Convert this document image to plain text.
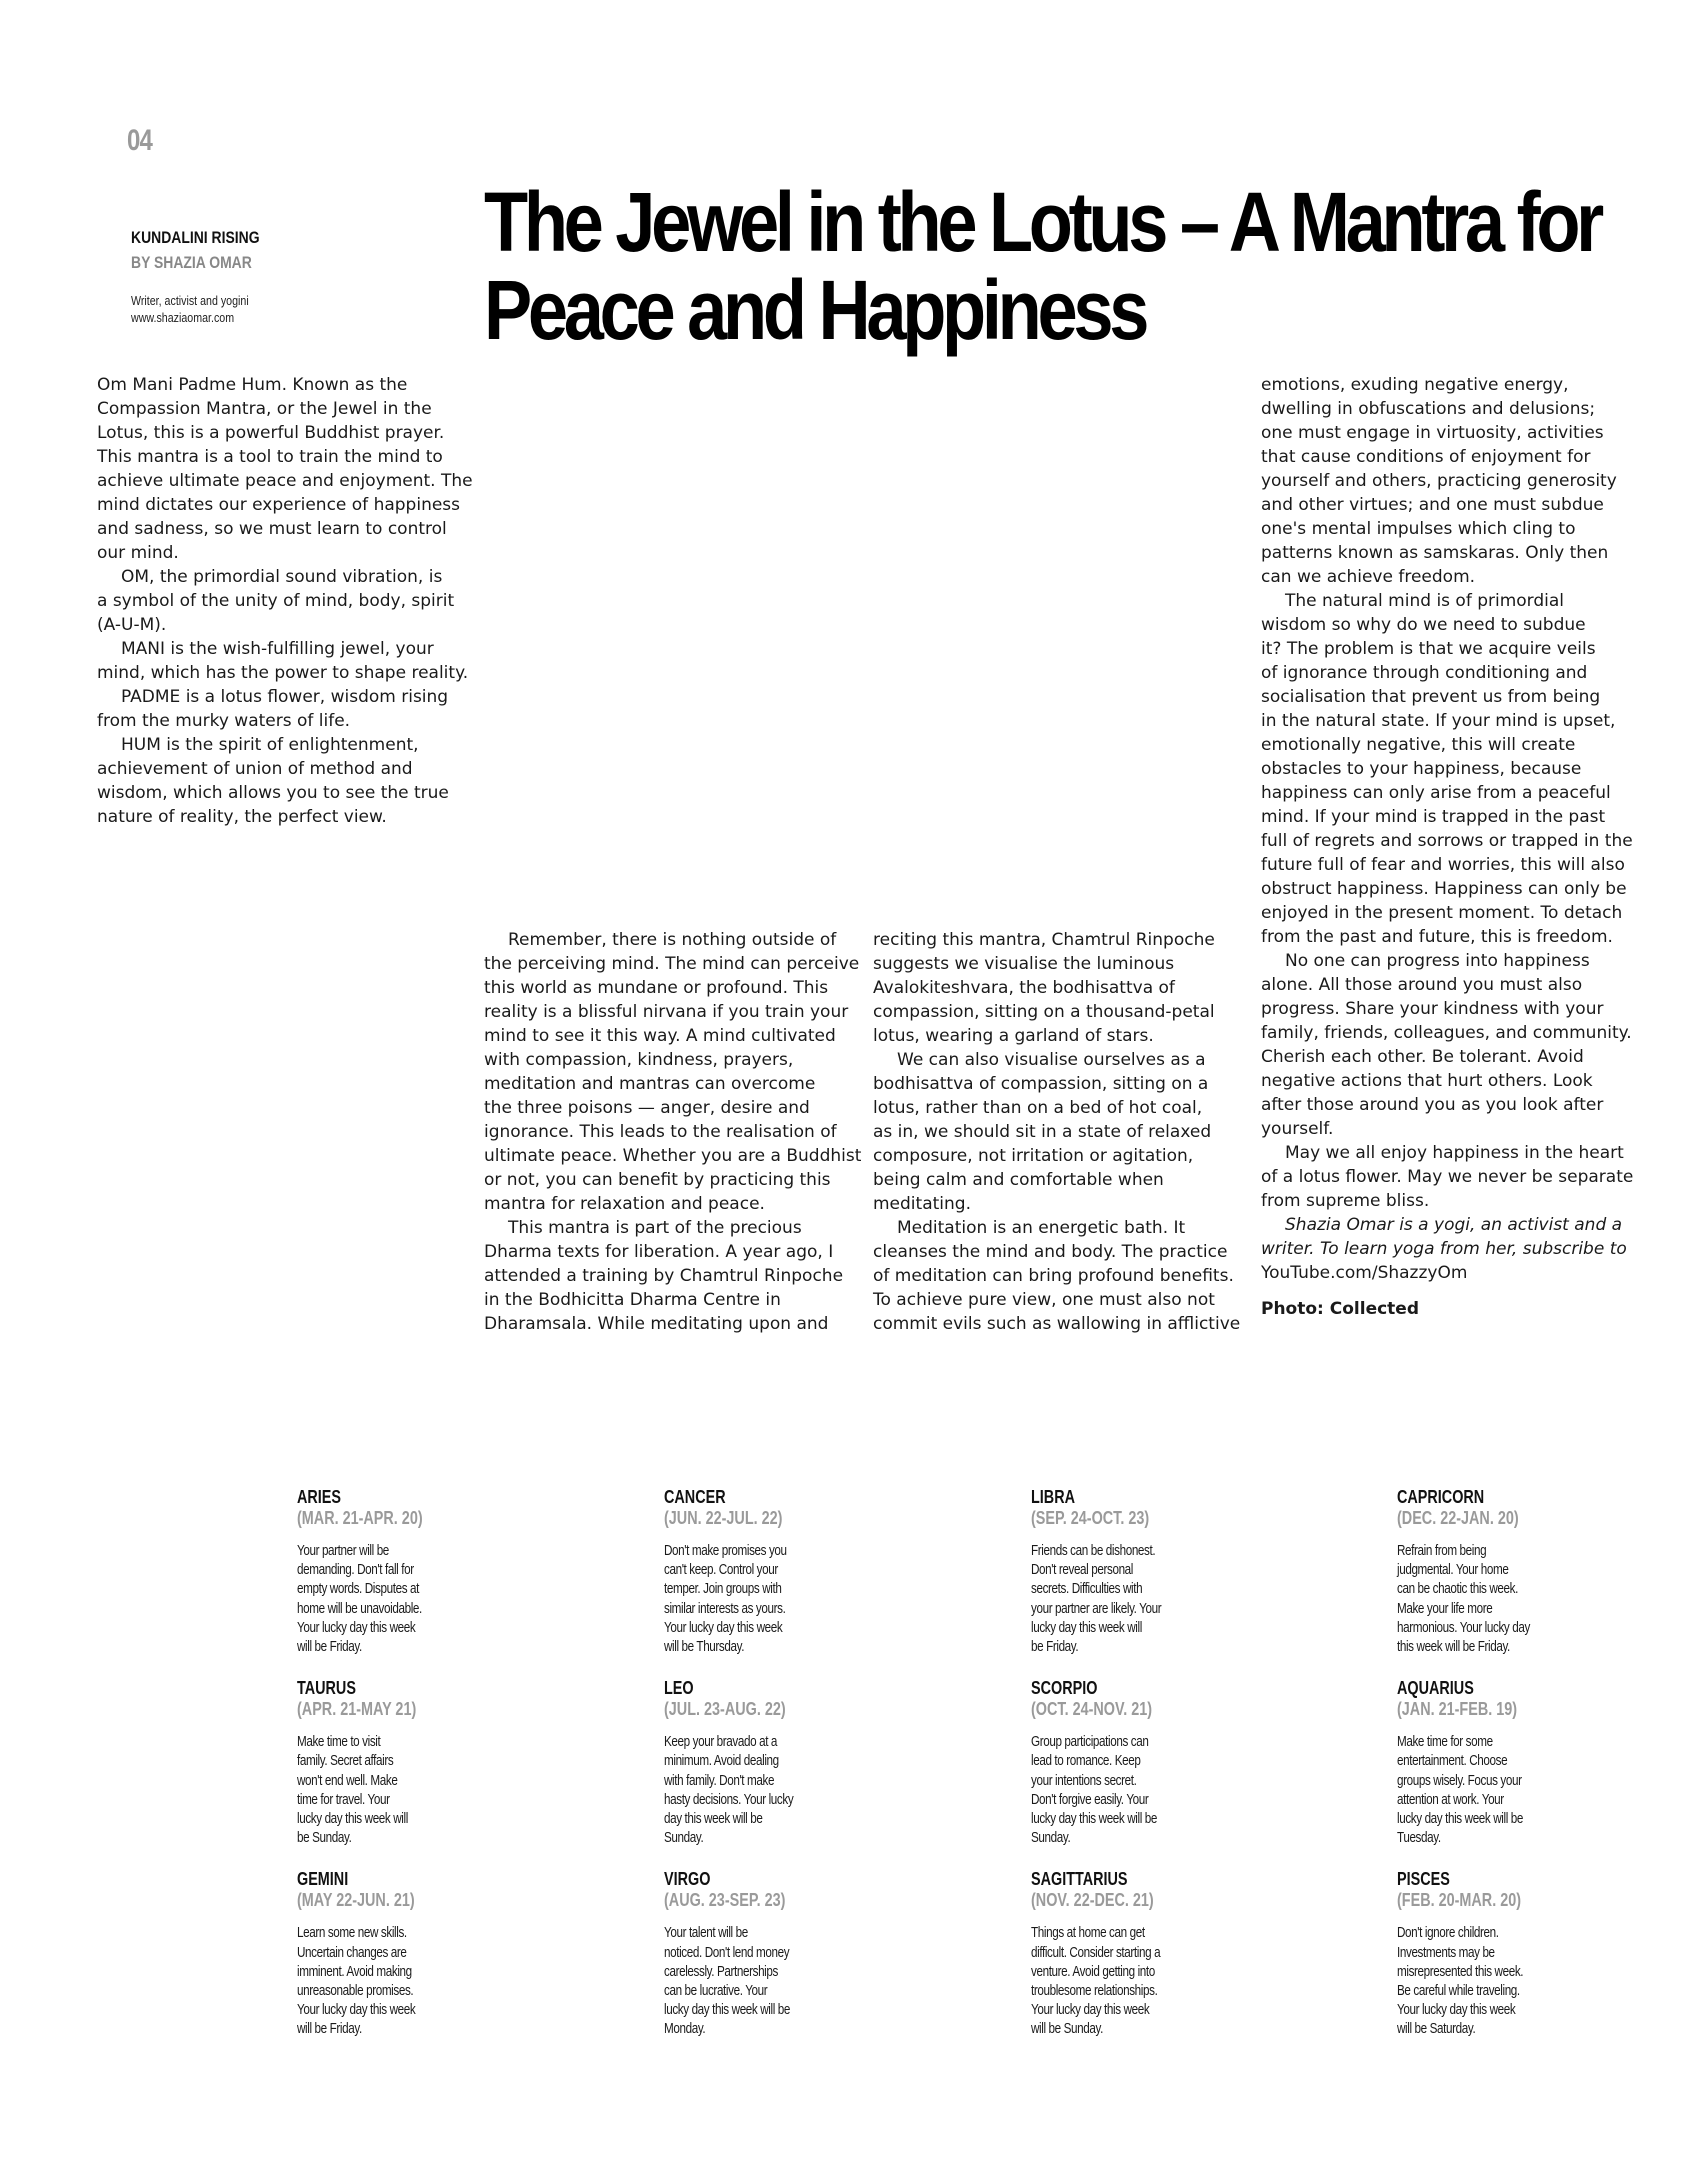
04
KUNDALINI RISING
BY SHAZIA OMAR
Writer, activist and yogini
www.shaziaomar.com
The Jewel in the Lotus – A Mantra for Peace and Happiness

Om Mani Padme Hum. Known as the

Compassion Mantra, or the Jewel in the

Lotus, this is a powerful Buddhist prayer.

This mantra is a tool to train the mind to

achieve ultimate peace and enjoyment. The

mind dictates our experience of happiness

and sadness, so we must learn to control

our mind.

OM, the primordial sound vibration, is

a symbol of the unity of mind, body, spirit

(A-U-M).

MANI is the wish-fulfilling jewel, your

mind, which has the power to shape reality.

PADME is a lotus flower, wisdom rising

from the murky waters of life.

HUM is the spirit of enlightenment,

achievement of union of method and

wisdom, which allows you to see the true

nature of reality, the perfect view.

Remember, there is nothing outside of

the perceiving mind. The mind can perceive

this world as mundane or profound. This

reality is a blissful nirvana if you train your

mind to see it this way. A mind cultivated

with compassion, kindness, prayers,

meditation and mantras can overcome

the three poisons — anger, desire and

ignorance. This leads to the realisation of

ultimate peace. Whether you are a Buddhist

or not, you can benefit by practicing this

mantra for relaxation and peace.

This mantra is part of the precious

Dharma texts for liberation. A year ago, I

attended a training by Chamtrul Rinpoche

in the Bodhicitta Dharma Centre in

Dharamsala. While meditating upon and

reciting this mantra, Chamtrul Rinpoche

suggests we visualise the luminous

Avalokiteshvara, the bodhisattva of

compassion, sitting on a thousand-petal

lotus, wearing a garland of stars.

We can also visualise ourselves as a

bodhisattva of compassion, sitting on a

lotus, rather than on a bed of hot coal,

as in, we should sit in a state of relaxed

composure, not irritation or agitation,

being calm and comfortable when

meditating.

Meditation is an energetic bath. It

cleanses the mind and body. The practice

of meditation can bring profound benefits.

To achieve pure view, one must also not

commit evils such as wallowing in afflictive

emotions, exuding negative energy,

dwelling in obfuscations and delusions;

one must engage in virtuosity, activities

that cause conditions of enjoyment for

yourself and others, practicing generosity

and other virtues; and one must subdue

one's mental impulses which cling to

patterns known as samskaras. Only then

can we achieve freedom.

The natural mind is of primordial

wisdom so why do we need to subdue

it? The problem is that we acquire veils

of ignorance through conditioning and

socialisation that prevent us from being

in the natural state. If your mind is upset,

emotionally negative, this will create

obstacles to your happiness, because

happiness can only arise from a peaceful

mind. If your mind is trapped in the past

full of regrets and sorrows or trapped in the

future full of fear and worries, this will also

obstruct happiness. Happiness can only be

enjoyed in the present moment. To detach

from the past and future, this is freedom.

No one can progress into happiness

alone. All those around you must also

progress. Share your kindness with your

family, friends, colleagues, and community.

Cherish each other. Be tolerant. Avoid

negative actions that hurt others. Look

after those around you as you look after

yourself.

May we all enjoy happiness in the heart

of a lotus flower. May we never be separate

from supreme bliss.

Shazia Omar is a yogi, an activist and a

writer. To learn yoga from her, subscribe to

YouTube.com/ShazzyOm

Photo: Collected

ARIES
(MAR. 21-APR. 20)
Your partner will be
demanding. Don't fall for
empty words. Disputes at
home will be unavoidable.
Your lucky day this week
will be Friday.
TAURUS
(APR. 21-MAY 21)
Make time to visit
family. Secret affairs
won't end well. Make
time for travel. Your
lucky day this week will
be Sunday.
GEMINI
(MAY 22-JUN. 21)
Learn some new skills.
Uncertain changes are
imminent. Avoid making
unreasonable promises.
Your lucky day this week
will be Friday.
CANCER
(JUN. 22-JUL. 22)
Don't make promises you
can't keep. Control your
temper. Join groups with
similar interests as yours.
Your lucky day this week
will be Thursday.
LEO
(JUL. 23-AUG. 22)
Keep your bravado at a
minimum. Avoid dealing
with family. Don't make
hasty decisions. Your lucky
day this week will be
Sunday.
VIRGO
(AUG. 23-SEP. 23)
Your talent will be
noticed. Don't lend money
carelessly. Partnerships
can be lucrative. Your
lucky day this week will be
Monday.
LIBRA
(SEP. 24-OCT. 23)
Friends can be dishonest.
Don't reveal personal
secrets. Difficulties with
your partner are likely. Your
lucky day this week will
be Friday.
SCORPIO
(OCT. 24-NOV. 21)
Group participations can
lead to romance. Keep
your intentions secret.
Don't forgive easily. Your
lucky day this week will be
Sunday.
SAGITTARIUS
(NOV. 22-DEC. 21)
Things at home can get
difficult. Consider starting a
venture. Avoid getting into
troublesome relationships.
Your lucky day this week
will be Sunday.
CAPRICORN
(DEC. 22-JAN. 20)
Refrain from being
judgmental. Your home
can be chaotic this week.
Make your life more
harmonious. Your lucky day
this week will be Friday.
AQUARIUS
(JAN. 21-FEB. 19)
Make time for some
entertainment. Choose
groups wisely. Focus your
attention at work. Your
lucky day this week will be
Tuesday.
PISCES
(FEB. 20-MAR. 20)
Don't ignore children.
Investments may be
misrepresented this week.
Be careful while traveling.
Your lucky day this week
will be Saturday.
